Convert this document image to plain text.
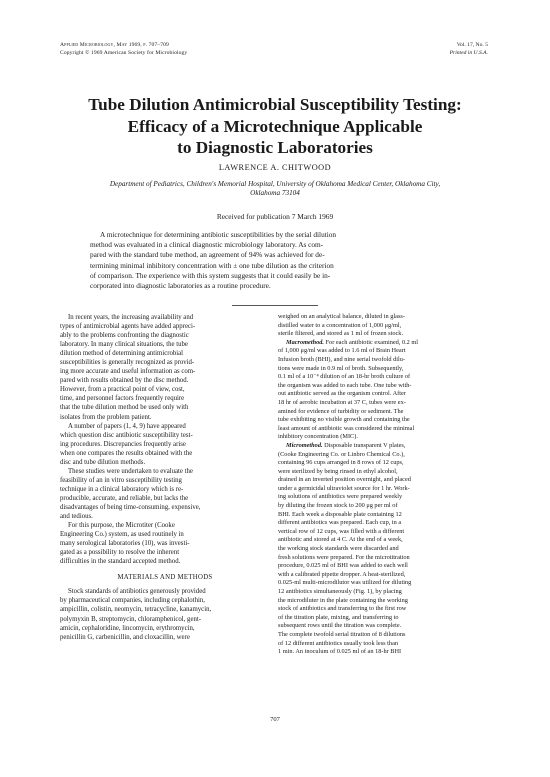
Applied Microbiology, May 1969, p. 707–709
Copyright © 1969 American Society for Microbiology
Vol. 17, No. 5
Printed in U.S.A.
Tube Dilution Antimicrobial Susceptibility Testing:
Efficacy of a Microtechnique Applicable
to Diagnostic Laboratories
LAWRENCE A. CHITWOOD
Department of Pediatrics, Children's Memorial Hospital, University of Oklahoma Medical Center, Oklahoma City,
Oklahoma 73104
Received for publication 7 March 1969
A microtechnique for determining antibiotic susceptibilities by the serial dilution
method was evaluated in a clinical diagnostic microbiology laboratory. As com-
pared with the standard tube method, an agreement of 94% was achieved for de-
termining minimal inhibitory concentration with ± one tube dilution as the criterion
of comparison. The experience with this system suggests that it could easily be in-
corporated into diagnostic laboratories as a routine procedure.
In recent years, the increasing availability and
types of antimicrobial agents have added appreci-
ably to the problems confronting the diagnostic
laboratory. In many clinical situations, the tube
dilution method of determining antimicrobial
susceptibilities is generally recognized as provid-
ing more accurate and useful information as com-
pared with results obtained by the disc method.
However, from a practical point of view, cost,
time, and personnel factors frequently require
that the tube dilution method be used only with
isolates from the problem patient.
A number of papers (1, 4, 9) have appeared
which question disc antibiotic susceptibility test-
ing procedures. Discrepancies frequently arise
when one compares the results obtained with the
disc and tube dilution methods.
These studies were undertaken to evaluate the
feasibility of an in vitro susceptibility testing
technique in a clinical laboratory which is re-
producible, accurate, and reliable, but lacks the
disadvantages of being time-consuming, expensive,
and tedious.
For this purpose, the Microtiter (Cooke
Engineering Co.) system, as used routinely in
many serological laboratories (10), was investi-
gated as a possibility to resolve the inherent
difficulties in the standard accepted method.
MATERIALS AND METHODS
Stock standards of antibiotics generously provided
by pharmaceutical companies, including cephalothin,
ampicillin, colistin, neomycin, tetracycline, kanamycin,
polymyxin B, streptomycin, chloramphenicol, gent-
amicin, cephaloridine, lincomycin, erythromycin,
penicillin G, carbenicillin, and cloxacillin, were
weighed on an analytical balance, diluted in glass-
distilled water to a concentration of 1,000 μg/ml,
sterile filtered, and stored as 1 ml of frozen stock.
Macromethod. For each antibiotic examined, 0.2 ml
of 1,000 μg/ml was added to 1.6 ml of Brain Heart
Infusion broth (BHI), and nine serial twofold dilu-
tions were made in 0.9 ml of broth. Subsequently,
0.1 ml of a 10⁻⁴ dilution of an 18-hr broth culture of
the organism was added to each tube. One tube with-
out antibiotic served as the organism control. After
18 hr of aerobic incubation at 37 C, tubes were ex-
amined for evidence of turbidity or sediment. The
tube exhibiting no visible growth and containing the
least amount of antibiotic was considered the minimal
inhibitory concentration (MIC).
Micromethod. Disposable transparent V plates,
(Cooke Engineering Co. or Linbro Chemical Co.),
containing 96 cups arranged in 8 rows of 12 cups,
were sterilized by being rinsed in ethyl alcohol,
drained in an inverted position overnight, and placed
under a germicidal ultraviolet source for 1 hr. Work-
ing solutions of antibiotics were prepared weekly
by diluting the frozen stock to 200 μg per ml of
BHI. Each week a disposable plate containing 12
different antibiotics was prepared. Each cup, in a
vertical row of 12 cups, was filled with a different
antibiotic and stored at 4 C. At the end of a week,
the working stock standards were discarded and
fresh solutions were prepared. For the microtitration
procedure, 0.025 ml of BHI was added to each well
with a calibrated pipette dropper. A heat-sterilized,
0.025-ml multi-microdilutor was utilized for diluting
12 antibiotics simultaneously (Fig. 1), by placing
the microdiluter in the plate containing the working
stock of antibiotics and transferring to the first row
of the titration plate, mixing, and transferring to
subsequent rows until the titration was complete.
The complete twofold serial titration of 8 dilutions
of 12 different antibiotics usually took less than
1 min. An inoculum of 0.025 ml of an 18-hr BHI
707
